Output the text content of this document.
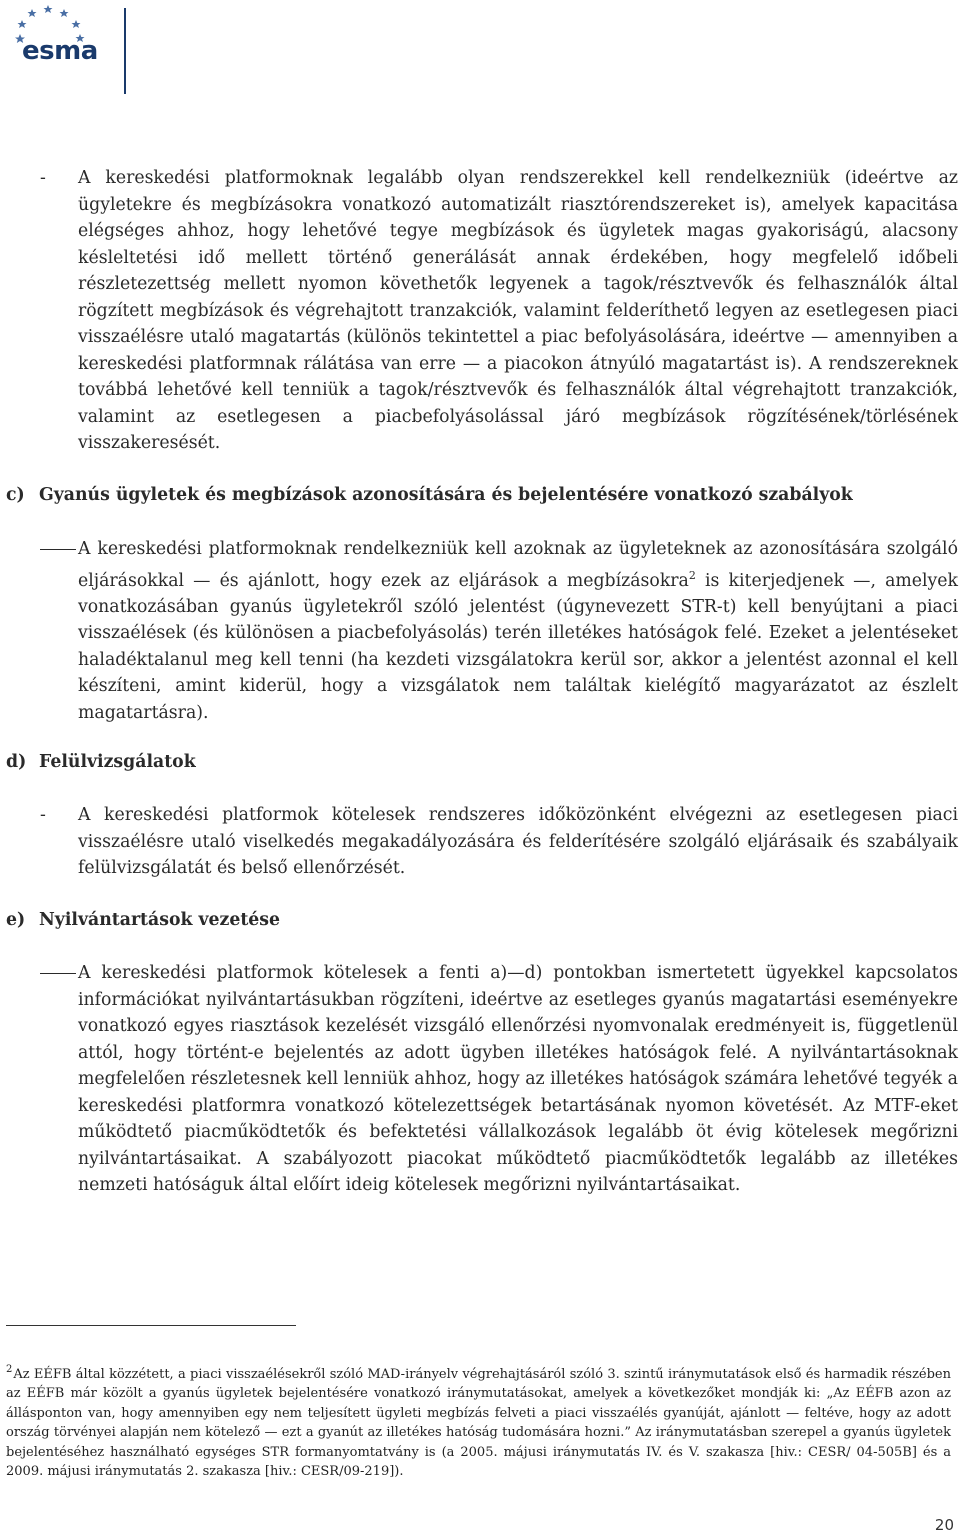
esma
- A kereskedési platformoknak legalább olyan rendszerekkel kell rendelkezniük (ideértve az ügyletekre és megbízásokra vonatkozó automatizált riasztórendszereket is), amelyek kapacitása elégséges ahhoz, hogy lehetővé tegye megbízások és ügyletek magas gyakoriságú, alacsony késleltetési idő mellett történő generálását annak érdekében, hogy megfelelő időbeli részletezettség mellett nyomon követhetők legyenek a tagok/résztvevők és felhasználók által rögzített megbízások és végrehajtott tranzakciók, valamint felderíthető legyen az esetlegesen piaci visszaélésre utaló magatartás (különös tekintettel a piac befolyásolására, ideértve — amennyiben a kereskedési platformnak rálátása van erre — a piacokon átnyúló magatartást is). A rendszereknek továbbá lehetővé kell tenniük a tagok/résztvevők és felhasználók által végrehajtott tranzakciók, valamint az esetlegesen a piacbefolyásolással járó megbízások rögzítésének/törlésének visszakeresését.
c) Gyanús ügyletek és megbízások azonosítására és bejelentésére vonatkozó szabályok
A kereskedési platformoknak rendelkezniük kell azoknak az ügyleteknek az azonosítására szolgáló eljárásokkal — és ajánlott, hogy ezek az eljárások a megbízásokra$^2$ is kiterjedjenek —, amelyek vonatkozásában gyanús ügyletekről szóló jelentést (úgynevezett STR-t) kell benyújtani a piaci visszaélések (és különösen a piacbefolyásolás) terén illetékes hatóságok felé. Ezeket a jelentéseket haladéktalanul meg kell tenni (ha kezdeti vizsgálatokra kerül sor, akkor a jelentést azonnal el kell készíteni, amint kiderül, hogy a vizsgálatok nem találtak kielégítő magyarázatot az észlelt magatartásra).
d) Felülvizsgálatok
- A kereskedési platformok kötelesek rendszeres időközönként elvégezni az esetlegesen piaci visszaélésre utaló viselkedés megakadályozására és felderítésére szolgáló eljárásaik és szabályaik felülvizsgálatát és belső ellenőrzését.
e) Nyilvántartások vezetése
A kereskedési platformok kötelesek a fenti a)—d) pontokban ismertetett ügyekkel kapcsolatos információkat nyilvántartásukban rögzíteni, ideértve az esetleges gyanús magatartási eseményekre vonatkozó egyes riasztások kezelését vizsgáló ellenőrzési nyomvonalak eredményeit is, függetlenül attól, hogy történt-e bejelentés az adott ügyben illetékes hatóságok felé. A nyilvántartásoknak megfelelően részletesnek kell lenniük ahhoz, hogy az illetékes hatóságok számára lehetővé tegyék a kereskedési platformra vonatkozó kötelezettségek betartásának nyomon követését. Az MTF-eket működtető piacműködtetők és befektetési vállalkozások legalább öt évig kötelesek megőrizni nyilvántartásaikat. A szabályozott piacokat működtető piacműködtetők legalább az illetékes nemzeti hatóságuk által előírt ideig kötelesek megőrizni nyilvántartásaikat.
$^2$Az EÉFB által közzétett, a piaci visszaélésekről szóló MAD-irányelv végrehajtásáról szóló 3. szintű iránymutatások első és harmadik részében az EÉFB már közölt a gyanús ügyletek bejelentésére vonatkozó iránymutatásokat, amelyek a következőket mondják ki: „Az EÉFB azon az állásponton van, hogy amennyiben egy nem teljesített ügyleti megbízás felveti a piaci visszaélés gyanúját, ajánlott — feltéve, hogy az adott ország törvényei alapján nem kötelező — ezt a gyanút az illetékes hatóság tudomására hozni.” Az iránymutatásban szerepel a gyanús ügyletek bejelentéséhez használható egységes STR formanyomtatvány is (a 2005. májusi iránymutatás IV. és V. szakasza [hiv.: CESR/ 04-505B] és a 2009. májusi iránymutatás 2. szakasza [hiv.: CESR/09-219]).
20
